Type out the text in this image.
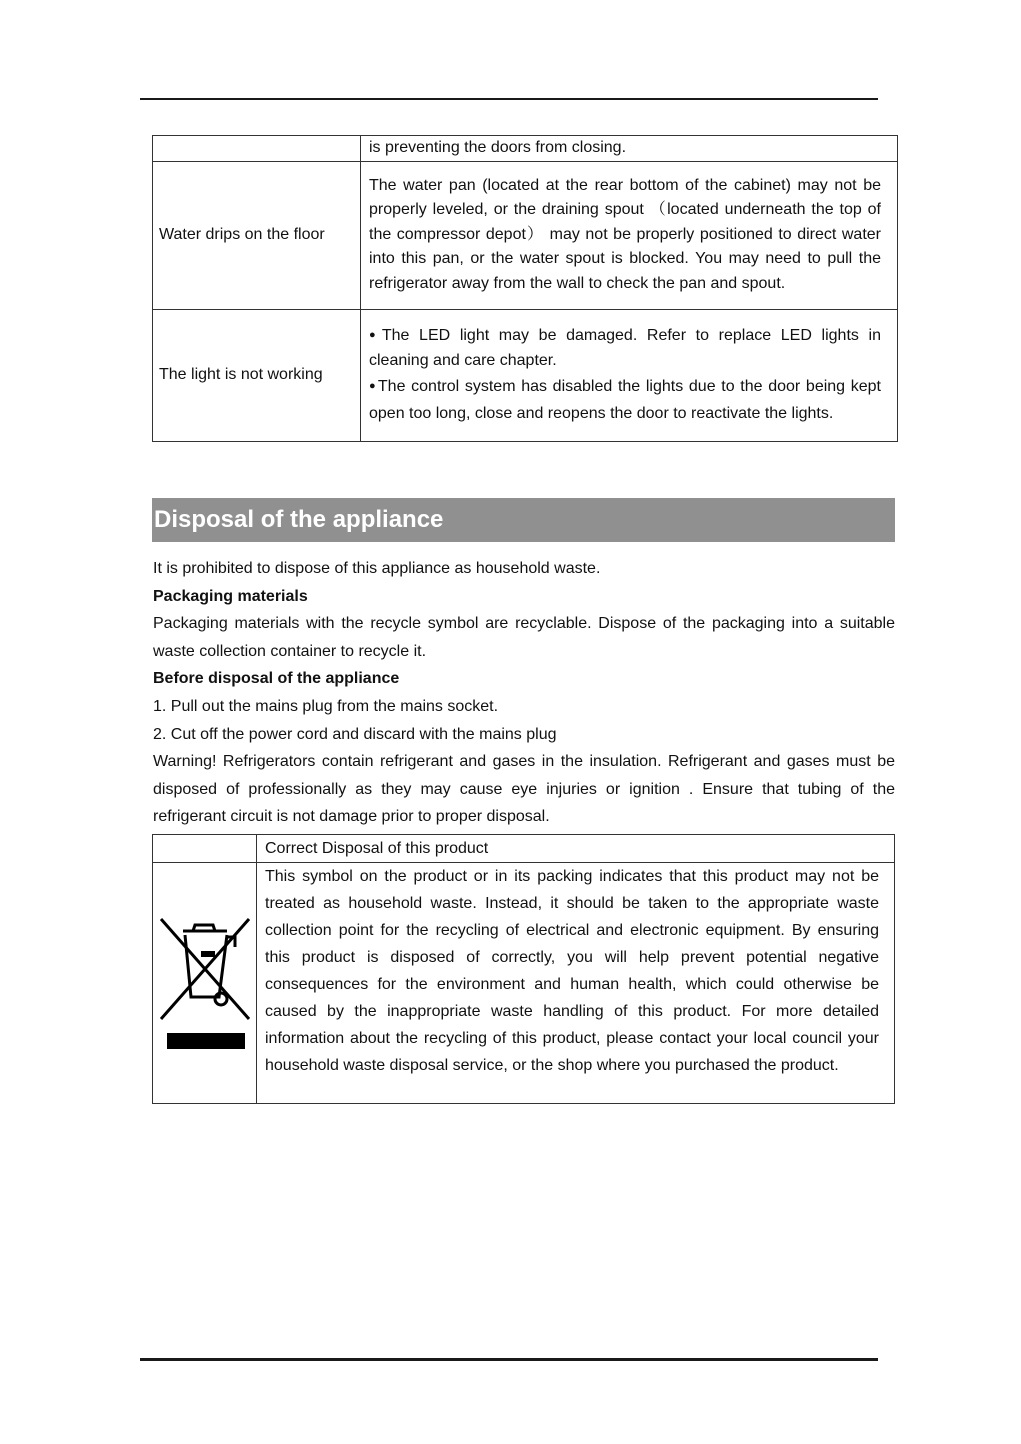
	is preventing the doors from closing.

Water drips on the floor	The water pan (located at the rear bottom of the cabinet) may not be properly leveled, or the draining spout （located underneath the top of the compressor depot） may not be properly positioned to direct water into this pan, or the water spout is blocked. You may need to pull the refrigerator away from the wall to check the pan and spout.

The light is not working	●The LED light may be damaged. Refer to replace LED lights in cleaning and care chapter.

●The control system has disabled the lights due to the door being kept open too long, close and reopens the door to reactivate the lights.

Disposal of the appliance

It is prohibited to dispose of this appliance as household waste.

Packaging materials

Packaging materials with the recycle symbol are recyclable. Dispose of the packaging into a suitable waste collection container to recycle it.

Before disposal of the appliance

1. Pull out the mains plug from the mains socket.

2. Cut off the power cord and discard with the mains plug

Warning! Refrigerators contain refrigerant and gases in the insulation. Refrigerant and gases must be disposed of professionally as they may cause eye injuries or ignition . Ensure that tubing of the refrigerant circuit is not damage prior to proper disposal.

	Correct Disposal of this product

	This symbol on the product or in its packing indicates that this product may not be treated as household waste. Instead, it should be taken to the appropriate waste collection point for the recycling of electrical and electronic equipment. By ensuring this product is disposed of correctly, you will help prevent potential negative consequences for the environment and human health, which could otherwise be caused by the inappropriate waste handling of this product. For more detailed information about the recycling of this product, please contact your local council your household waste disposal service, or the shop where you purchased the product.
